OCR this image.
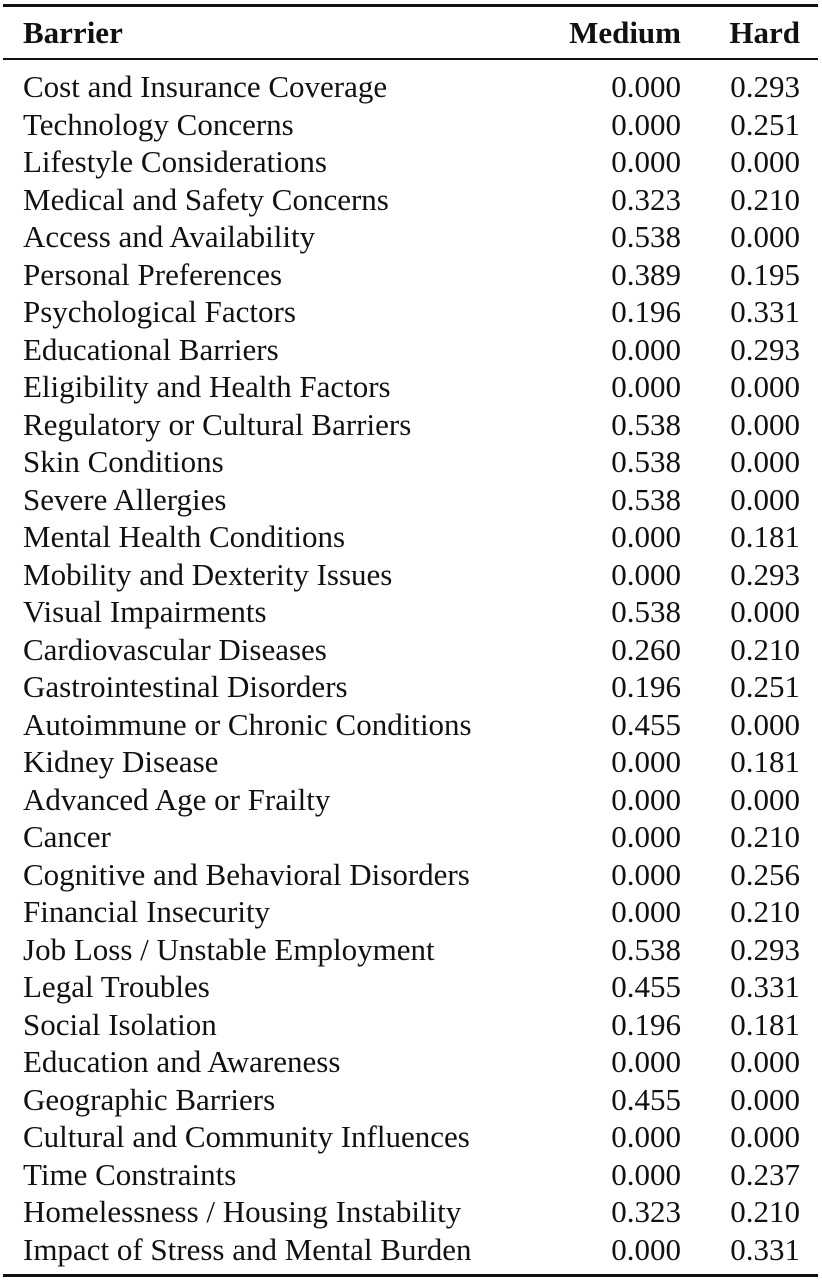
Barrier	Medium	Hard

Cost and Insurance Coverage	0.000	0.293
Technology Concerns	0.000	0.251
Lifestyle Considerations	0.000	0.000
Medical and Safety Concerns	0.323	0.210
Access and Availability	0.538	0.000
Personal Preferences	0.389	0.195
Psychological Factors	0.196	0.331
Educational Barriers	0.000	0.293
Eligibility and Health Factors	0.000	0.000
Regulatory or Cultural Barriers	0.538	0.000
Skin Conditions	0.538	0.000
Severe Allergies	0.538	0.000
Mental Health Conditions	0.000	0.181
Mobility and Dexterity Issues	0.000	0.293
Visual Impairments	0.538	0.000
Cardiovascular Diseases	0.260	0.210
Gastrointestinal Disorders	0.196	0.251
Autoimmune or Chronic Conditions	0.455	0.000
Kidney Disease	0.000	0.181
Advanced Age or Frailty	0.000	0.000
Cancer	0.000	0.210
Cognitive and Behavioral Disorders	0.000	0.256
Financial Insecurity	0.000	0.210
Job Loss / Unstable Employment	0.538	0.293
Legal Troubles	0.455	0.331
Social Isolation	0.196	0.181
Education and Awareness	0.000	0.000
Geographic Barriers	0.455	0.000
Cultural and Community Influences	0.000	0.000
Time Constraints	0.000	0.237
Homelessness / Housing Instability	0.323	0.210
Impact of Stress and Mental Burden	0.000	0.331
